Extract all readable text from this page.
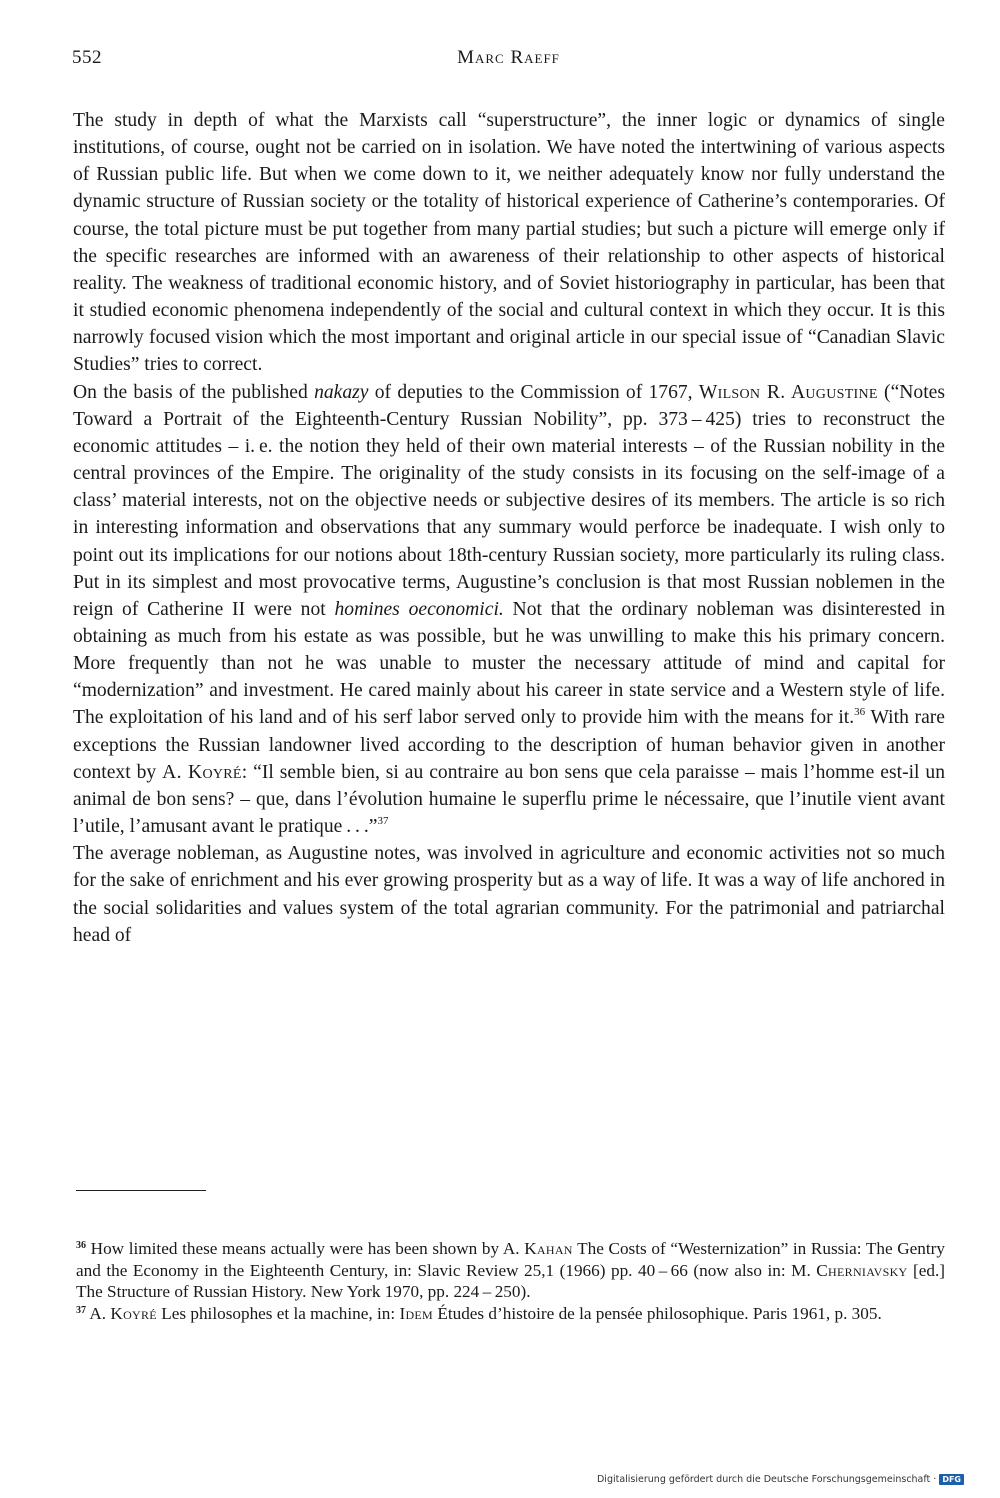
552	Marc Raeff

The study in depth of what the Marxists call “superstructure”, the inner logic or dynamics of single institutions, of course, ought not be carried on in isolation. We have noted the intertwining of various aspects of Russian public life. But when we come down to it, we neither adequately know nor fully understand the dynamic structure of Russian society or the totality of historical experience of Catherine’s contemporaries. Of course, the total picture must be put together from many partial studies; but such a picture will emerge only if the specific researches are informed with an awareness of their relationship to other aspects of historical reality. The weakness of traditional economic history, and of Soviet historiography in particular, has been that it studied economic phenomena independently of the social and cultural context in which they occur. It is this narrowly focused vision which the most important and original article in our special issue of “Canadian Slavic Studies” tries to correct.

On the basis of the published nakazy of deputies to the Commission of 1767, Wilson R. Augustine (“Notes Toward a Portrait of the Eighteenth-Century Russian Nobility”, pp. 373 – 425) tries to reconstruct the economic attitudes – i. e. the notion they held of their own material interests – of the Russian nobility in the central provinces of the Empire. The originality of the study consists in its focusing on the self-image of a class’ material interests, not on the objective needs or subjective desires of its members. The article is so rich in interesting information and observations that any summary would perforce be inadequate. I wish only to point out its implications for our notions about 18th-century Russian society, more particularly its ruling class. Put in its simplest and most provocative terms, Augustine’s conclusion is that most Russian noblemen in the reign of Catherine II were not homines oeconomici. Not that the ordinary nobleman was disinterested in obtaining as much from his estate as was possible, but he was unwilling to make this his primary concern. More frequently than not he was unable to muster the necessary attitude of mind and capital for “modernization” and investment. He cared mainly about his career in state service and a Western style of life. The exploitation of his land and of his serf labor served only to provide him with the means for it.$^{36}$ With rare exceptions the Russian landowner lived according to the description of human behavior given in another context by A. Koyré: “Il semble bien, si au contraire au bon sens que cela paraisse – mais l’homme est-il un animal de bon sens? – que, dans l’évolution humaine le superflu prime le nécessaire, que l’inutile vient avant l’utile, l’amusant avant le pratique . . .”$^{37}$

The average nobleman, as Augustine notes, was involved in agriculture and economic activities not so much for the sake of enrichment and his ever growing prosperity but as a way of life. It was a way of life anchored in the social solidarities and values system of the total agrarian community. For the patrimonial and patriarchal head of

$^{36}$ How limited these means actually were has been shown by A. Kahan The Costs of “Westernization” in Russia: The Gentry and the Economy in the Eighteenth Century, in: Slavic Review 25,1 (1966) pp. 40 – 66 (now also in: M. Cherniavsky [ed.] The Structure of Russian History. New York 1970, pp. 224 – 250).

$^{37}$ A. Koyré Les philosophes et la machine, in: Idem Études d’histoire de la pensée philosophique. Paris 1961, p. 305.

Digitalisierung gefördert durch die Deutsche Forschungsgemeinschaft · DFG
